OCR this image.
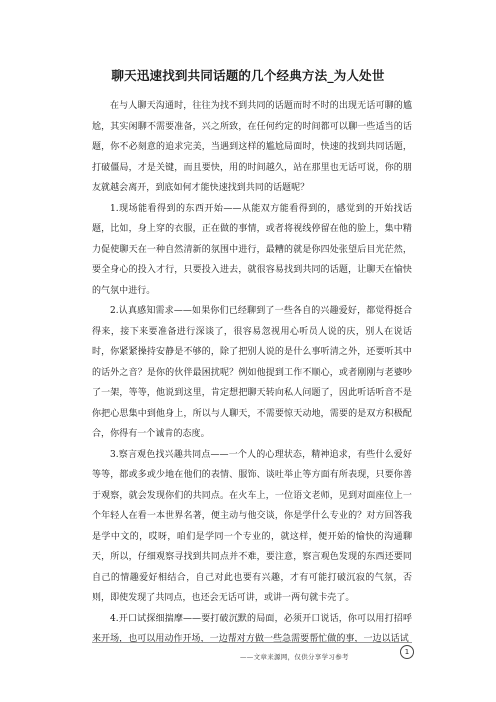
聊天迅速找到共同话题的几个经典方法_为人处世

在与人聊天沟通时，往往为找不到共同的话题而时不时的出现无话可聊的尴尬，其实闲聊不需要准备，兴之所致，在任何约定的时间都可以聊一些适当的话题，你不必刻意的追求完美，当遇到这样的尴尬局面时，快速的找到共同话题，打破僵局，才是关键，而且要快，用的时间越久，站在那里也无话可说，你的朋友就越会离开，到底如何才能快速找到共同的话题呢？

1.现场能看得到的东西开始——从能双方能看得到的，感觉到的开始找话题，比如，身上穿的衣服，正在做的事情，或者将视线停留在他的脸上，集中精力促使聊天在一种自然清新的氛围中进行，最糟的就是你四处张望后目光茫然，要全身心的投入才行，只要投入进去，就很容易找到共同的话题，让聊天在愉快的气氛中进行。

2.认真感知需求——如果你们已经聊到了一些各自的兴趣爱好，都觉得挺合得来，接下来要准备进行深谈了，很容易忽视用心听员人说的庆，别人在说话时，你紧紧操持安静是不够的，除了把别人说的是什么事听清之外，还要听其中的话外之音？是你的伙伴最困扰呢？例如他提到工作不顺心，或者刚刚与老婆吵了一架，等等，他说到这里，肯定想把聊天转向私人问题了，因此听话听音不是你把心思集中到他身上，所以与人聊天，不需要惊天动地，需要的是双方积极配合，你得有一个诚肯的态度。

3.察言观色找兴趣共同点——一个人的心理状态，精神追求，有些什么爱好等等，都或多或少地在他们的表情、服饰、谈吐举止等方面有所表现，只要你善于观察，就会发现你们的共同点。在火车上，一位语文老师，见到对面座位上一个年轻人在看一本世界名著，便主动与他交谈，你是学什么专业的？对方回答我是学中文的，哎呀，咱们是学同一个专业的，就这样，便开始的愉快的沟通聊天，所以，仔细观察寻找到共同点并不难，要注意，察言观色发现的东西还要同自己的情趣爱好相结合，自己对此也要有兴趣，才有可能打破沉寂的气氛，否则，即使发现了共同点，也还会无话可讲，或讲一两句就卡壳了。

4.开口试探细揣摩——要打破沉默的局面，必须开口说话，你可以用打招呼来开场，也可以用动作开场，一边帮对方做一些急需要帮忙做的事，一边以话试

1
——文章来源网，仅供分享学习参考
